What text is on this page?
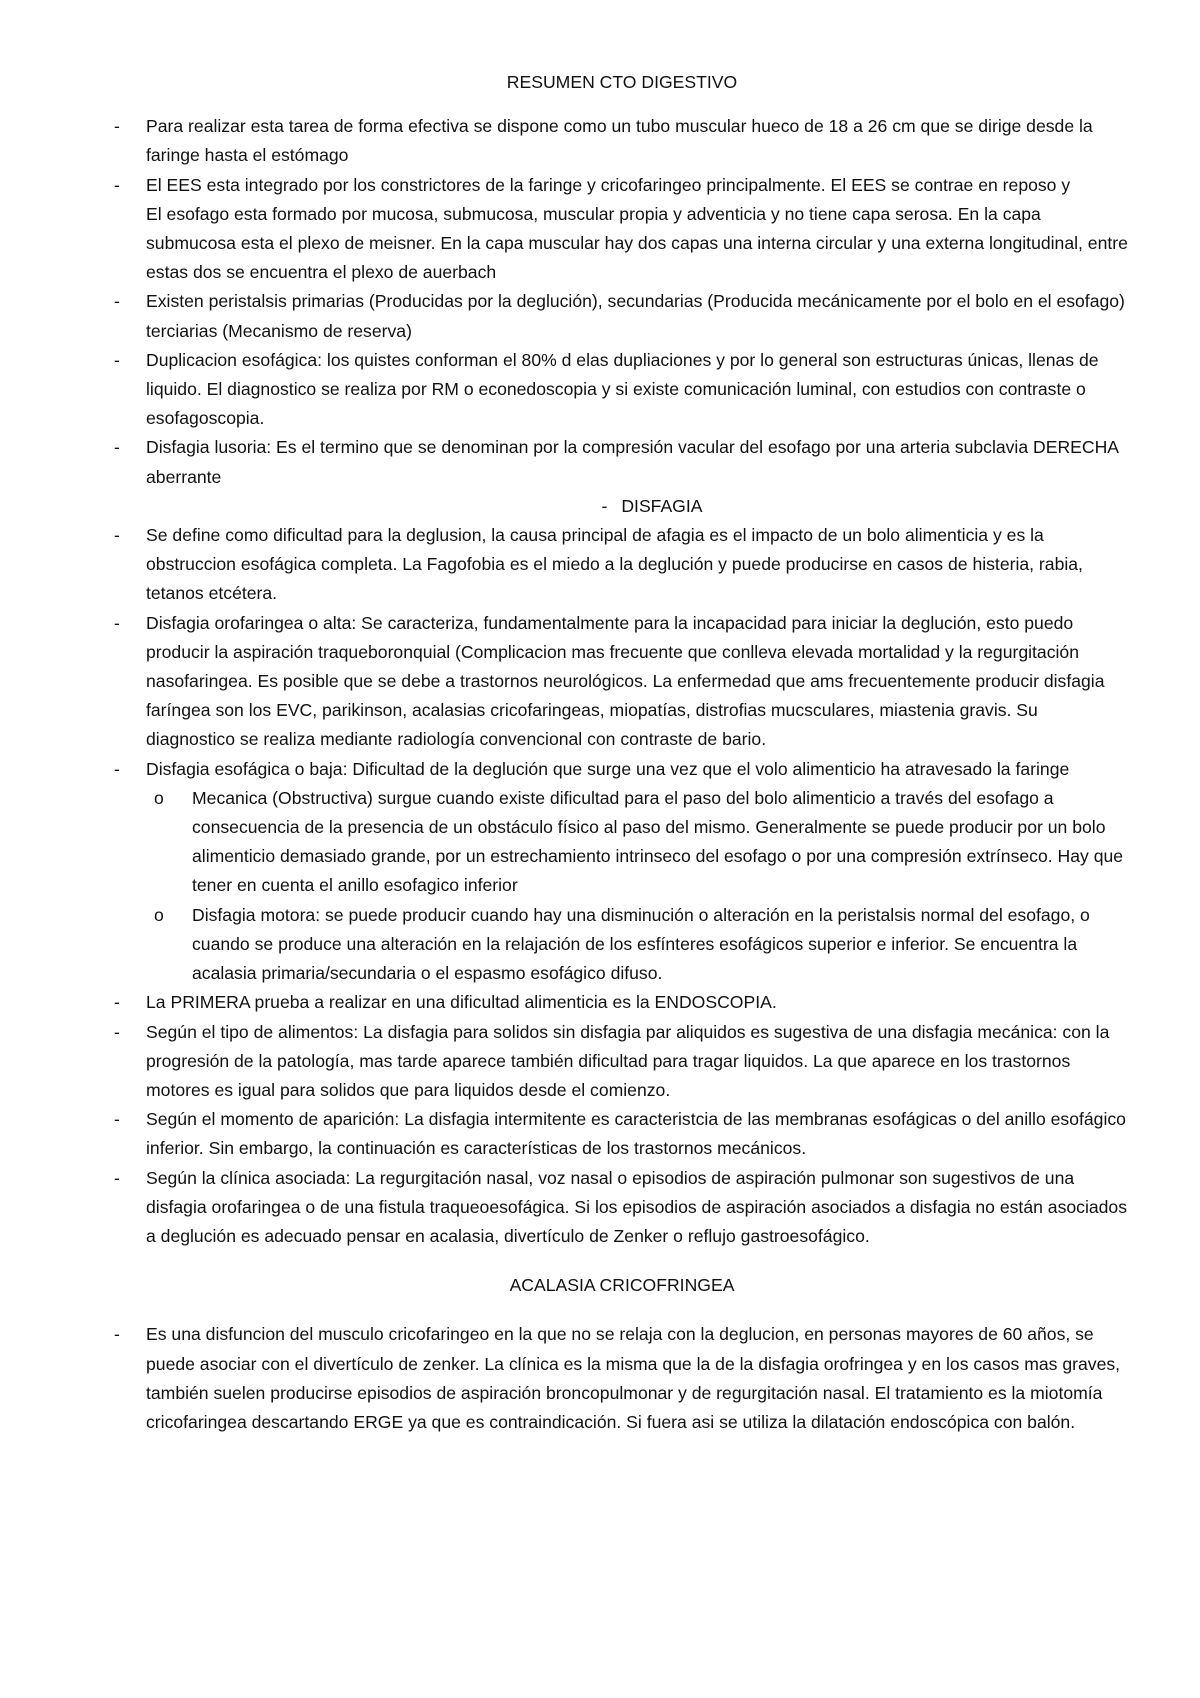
RESUMEN CTO DIGESTIVO
- Para realizar esta tarea de forma efectiva se dispone como un tubo muscular hueco de 18 a 26 cm que se dirige desde la faringe hasta el estómago
- El EES esta integrado por los constrictores de la faringe y cricofaringeo principalmente. El EES se contrae en reposo y
El esofago esta formado por mucosa, submucosa, muscular propia y adventicia y no tiene capa serosa. En la capa submucosa esta el plexo de meisner. En la capa muscular hay dos capas una interna circular y una externa longitudinal, entre estas dos se encuentra el plexo de auerbach
- Existen peristalsis primarias (Producidas por la deglución), secundarias (Producida mecánicamente por el bolo en el esofago) terciarias (Mecanismo de reserva)
- Duplicacion esofágica: los quistes conforman el 80% d elas dupliaciones y por lo general son estructuras únicas, llenas de liquido. El diagnostico se realiza por RM o econedoscopia y si existe comunicación luminal, con estudios con contraste o esofagoscopia.
- Disfagia lusoria: Es el termino que se denominan por la compresión vacular del esofago por una arteria subclavia DERECHA aberrante
- DISFAGIA
- Se define como dificultad para la deglusion, la causa principal de afagia es el impacto de un bolo alimenticia y es la obstruccion esofágica completa. La Fagofobia es el miedo a la deglución y puede producirse en casos de histeria, rabia, tetanos etcétera.
- Disfagia orofaringea o alta: Se caracteriza, fundamentalmente para la incapacidad para iniciar la deglución, esto puedo producir la aspiración traqueboronquial (Complicacion mas frecuente que conlleva elevada mortalidad y la regurgitación nasofaringea. Es posible que se debe a trastornos neurológicos. La enfermedad que ams frecuentemente producir disfagia faríngea son los EVC, parikinson, acalasias cricofaringeas, miopatías, distrofias mucsculares, miastenia gravis. Su diagnostico se realiza mediante radiología convencional con contraste de bario.
- Disfagia esofágica o baja: Dificultad de la deglución que surge una vez que el volo alimenticio ha atravesado la faringe
o Mecanica (Obstructiva) surgue cuando existe dificultad para el paso del bolo alimenticio a través del esofago a consecuencia de la presencia de un obstáculo físico al paso del mismo. Generalmente se puede producir por un bolo alimenticio demasiado grande, por un estrechamiento intrinseco del esofago o por una compresión extrínseco. Hay que tener en cuenta el anillo esofagico inferior
o Disfagia motora: se puede producir cuando hay una disminución o alteración en la peristalsis normal del esofago, o cuando se produce una alteración en la relajación de los esfínteres esofágicos superior e inferior. Se encuentra la acalasia primaria/secundaria o el espasmo esofágico difuso.
- La PRIMERA prueba a realizar en una dificultad alimenticia es la ENDOSCOPIA.
- Según el tipo de alimentos: La disfagia para solidos sin disfagia par aliquidos es sugestiva de una disfagia mecánica: con la progresión de la patología, mas tarde aparece también dificultad para tragar liquidos. La que aparece en los trastornos motores es igual para solidos que para liquidos desde el comienzo.
- Según el momento de aparición: La disfagia intermitente es caracteristcia de las membranas esofágicas o del anillo esofágico inferior. Sin embargo, la continuación es características de los trastornos mecánicos.
- Según la clínica asociada: La regurgitación nasal, voz nasal o episodios de aspiración pulmonar son sugestivos de una disfagia orofaringea o de una fistula traqueoesofágica. Si los episodios de aspiración asociados a disfagia no están asociados a deglución es adecuado pensar en acalasia, divertículo de Zenker o reflujo gastroesofágico.
ACALASIA CRICOFRINGEA
- Es una disfuncion del musculo cricofaringeo en la que no se relaja con la deglucion, en personas mayores de 60 años, se puede asociar con el divertículo de zenker. La clínica es la misma que la de la disfagia orofringea y en los casos mas graves, también suelen producirse episodios de aspiración broncopulmonar y de regurgitación nasal. El tratamiento es la miotomía cricofaringea descartando ERGE ya que es contraindicación. Si fuera asi se utiliza la dilatación endoscópica con balón.
